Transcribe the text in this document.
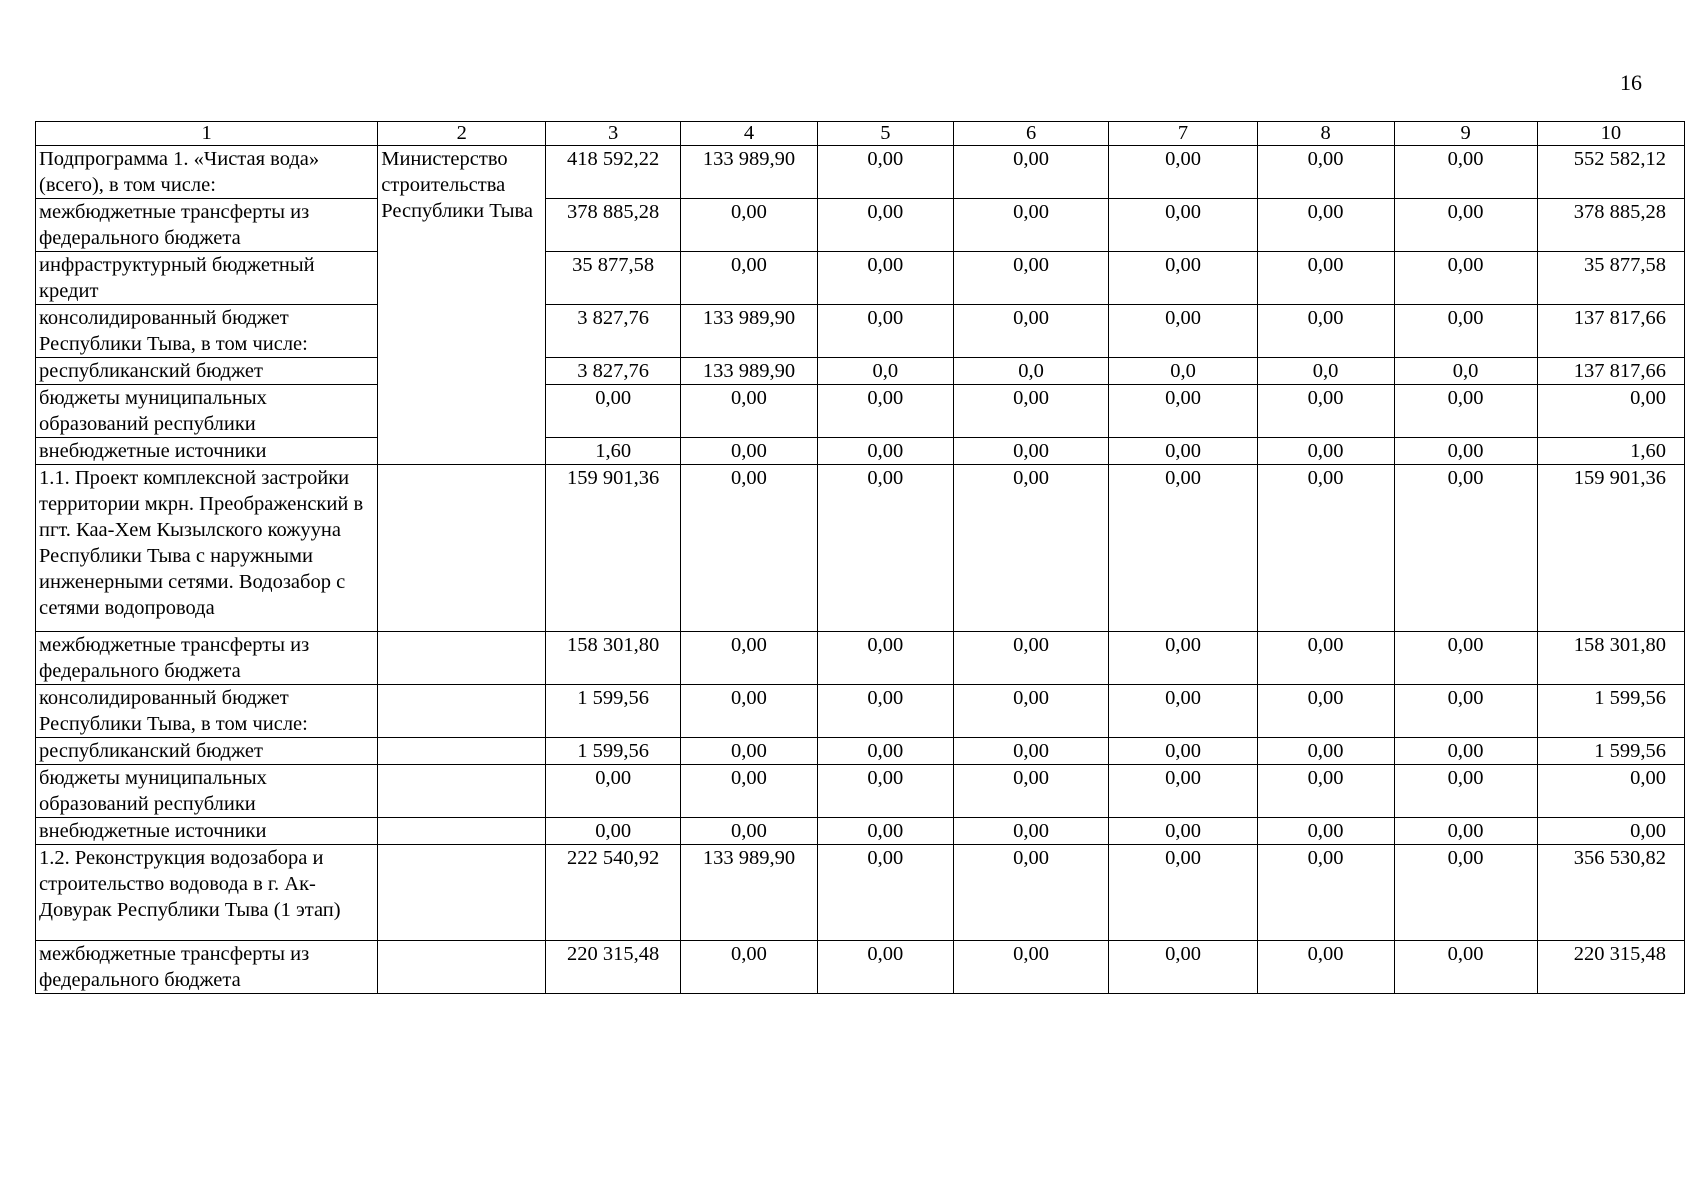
16
1	2	3	4	5	6	7	8	9	10
Подпрограмма 1. «Чистая вода» (всего), в том числе:	Министерство строительства Республики Тыва	418 592,22	133 989,90	0,00	0,00	0,00	0,00	0,00	552 582,12
межбюджетные трансферты из федерального бюджета		378 885,28	0,00	0,00	0,00	0,00	0,00	0,00	378 885,28
инфраструктурный бюджетный кредит		35 877,58	0,00	0,00	0,00	0,00	0,00	0,00	35 877,58
консолидированный бюджет Республики Тыва, в том числе:		3 827,76	133 989,90	0,00	0,00	0,00	0,00	0,00	137 817,66
республиканский бюджет		3 827,76	133 989,90	0,0	0,0	0,0	0,0	0,0	137 817,66
бюджеты муниципальных образований республики		0,00	0,00	0,00	0,00	0,00	0,00	0,00	0,00
внебюджетные источники		1,60	0,00	0,00	0,00	0,00	0,00	0,00	1,60
1.1. Проект комплексной застройки территории мкрн. Преображенский в пгт. Каа-Хем Кызылского кожууна Республики Тыва с наружными инженерными сетями. Водозабор с сетями водопровода		159 901,36	0,00	0,00	0,00	0,00	0,00	0,00	159 901,36
межбюджетные трансферты из федерального бюджета		158 301,80	0,00	0,00	0,00	0,00	0,00	0,00	158 301,80
консолидированный бюджет Республики Тыва, в том числе:		1 599,56	0,00	0,00	0,00	0,00	0,00	0,00	1 599,56
республиканский бюджет		1 599,56	0,00	0,00	0,00	0,00	0,00	0,00	1 599,56
бюджеты муниципальных образований республики		0,00	0,00	0,00	0,00	0,00	0,00	0,00	0,00
внебюджетные источники		0,00	0,00	0,00	0,00	0,00	0,00	0,00	0,00
1.2. Реконструкция водозабора и строительство водовода в г. Ак-Довурак Республики Тыва (1 этап)		222 540,92	133 989,90	0,00	0,00	0,00	0,00	0,00	356 530,82
межбюджетные трансферты из федерального бюджета		220 315,48	0,00	0,00	0,00	0,00	0,00	0,00	220 315,48
